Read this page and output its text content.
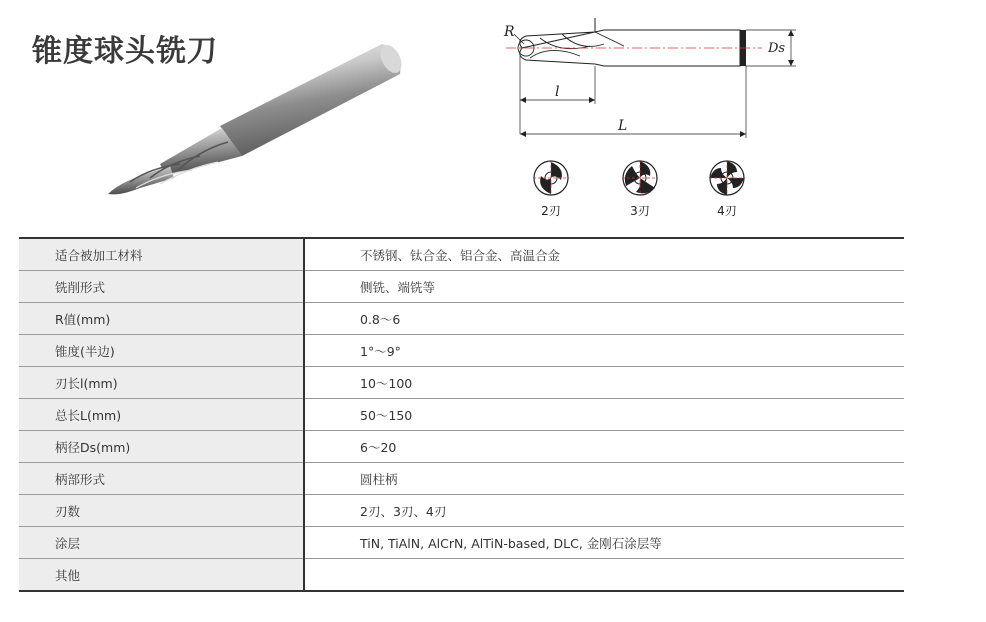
锥度球头铣刀
R
Ds
l
L
2刃	3刃	4刃
适合被加工材料	不锈钢、钛合金、铝合金、高温合金
铣削形式	侧铣、端铣等
R值(mm)	0.8～6
锥度(半边)	1°～9°
刃长l(mm)	10～100
总长L(mm)	50～150
柄径Ds(mm)	6～20
柄部形式	圆柱柄
刃数	2刃、3刃、4刃
涂层	TiN, TiAlN, AlCrN, AlTiN-based, DLC, 金刚石涂层等
其他	
